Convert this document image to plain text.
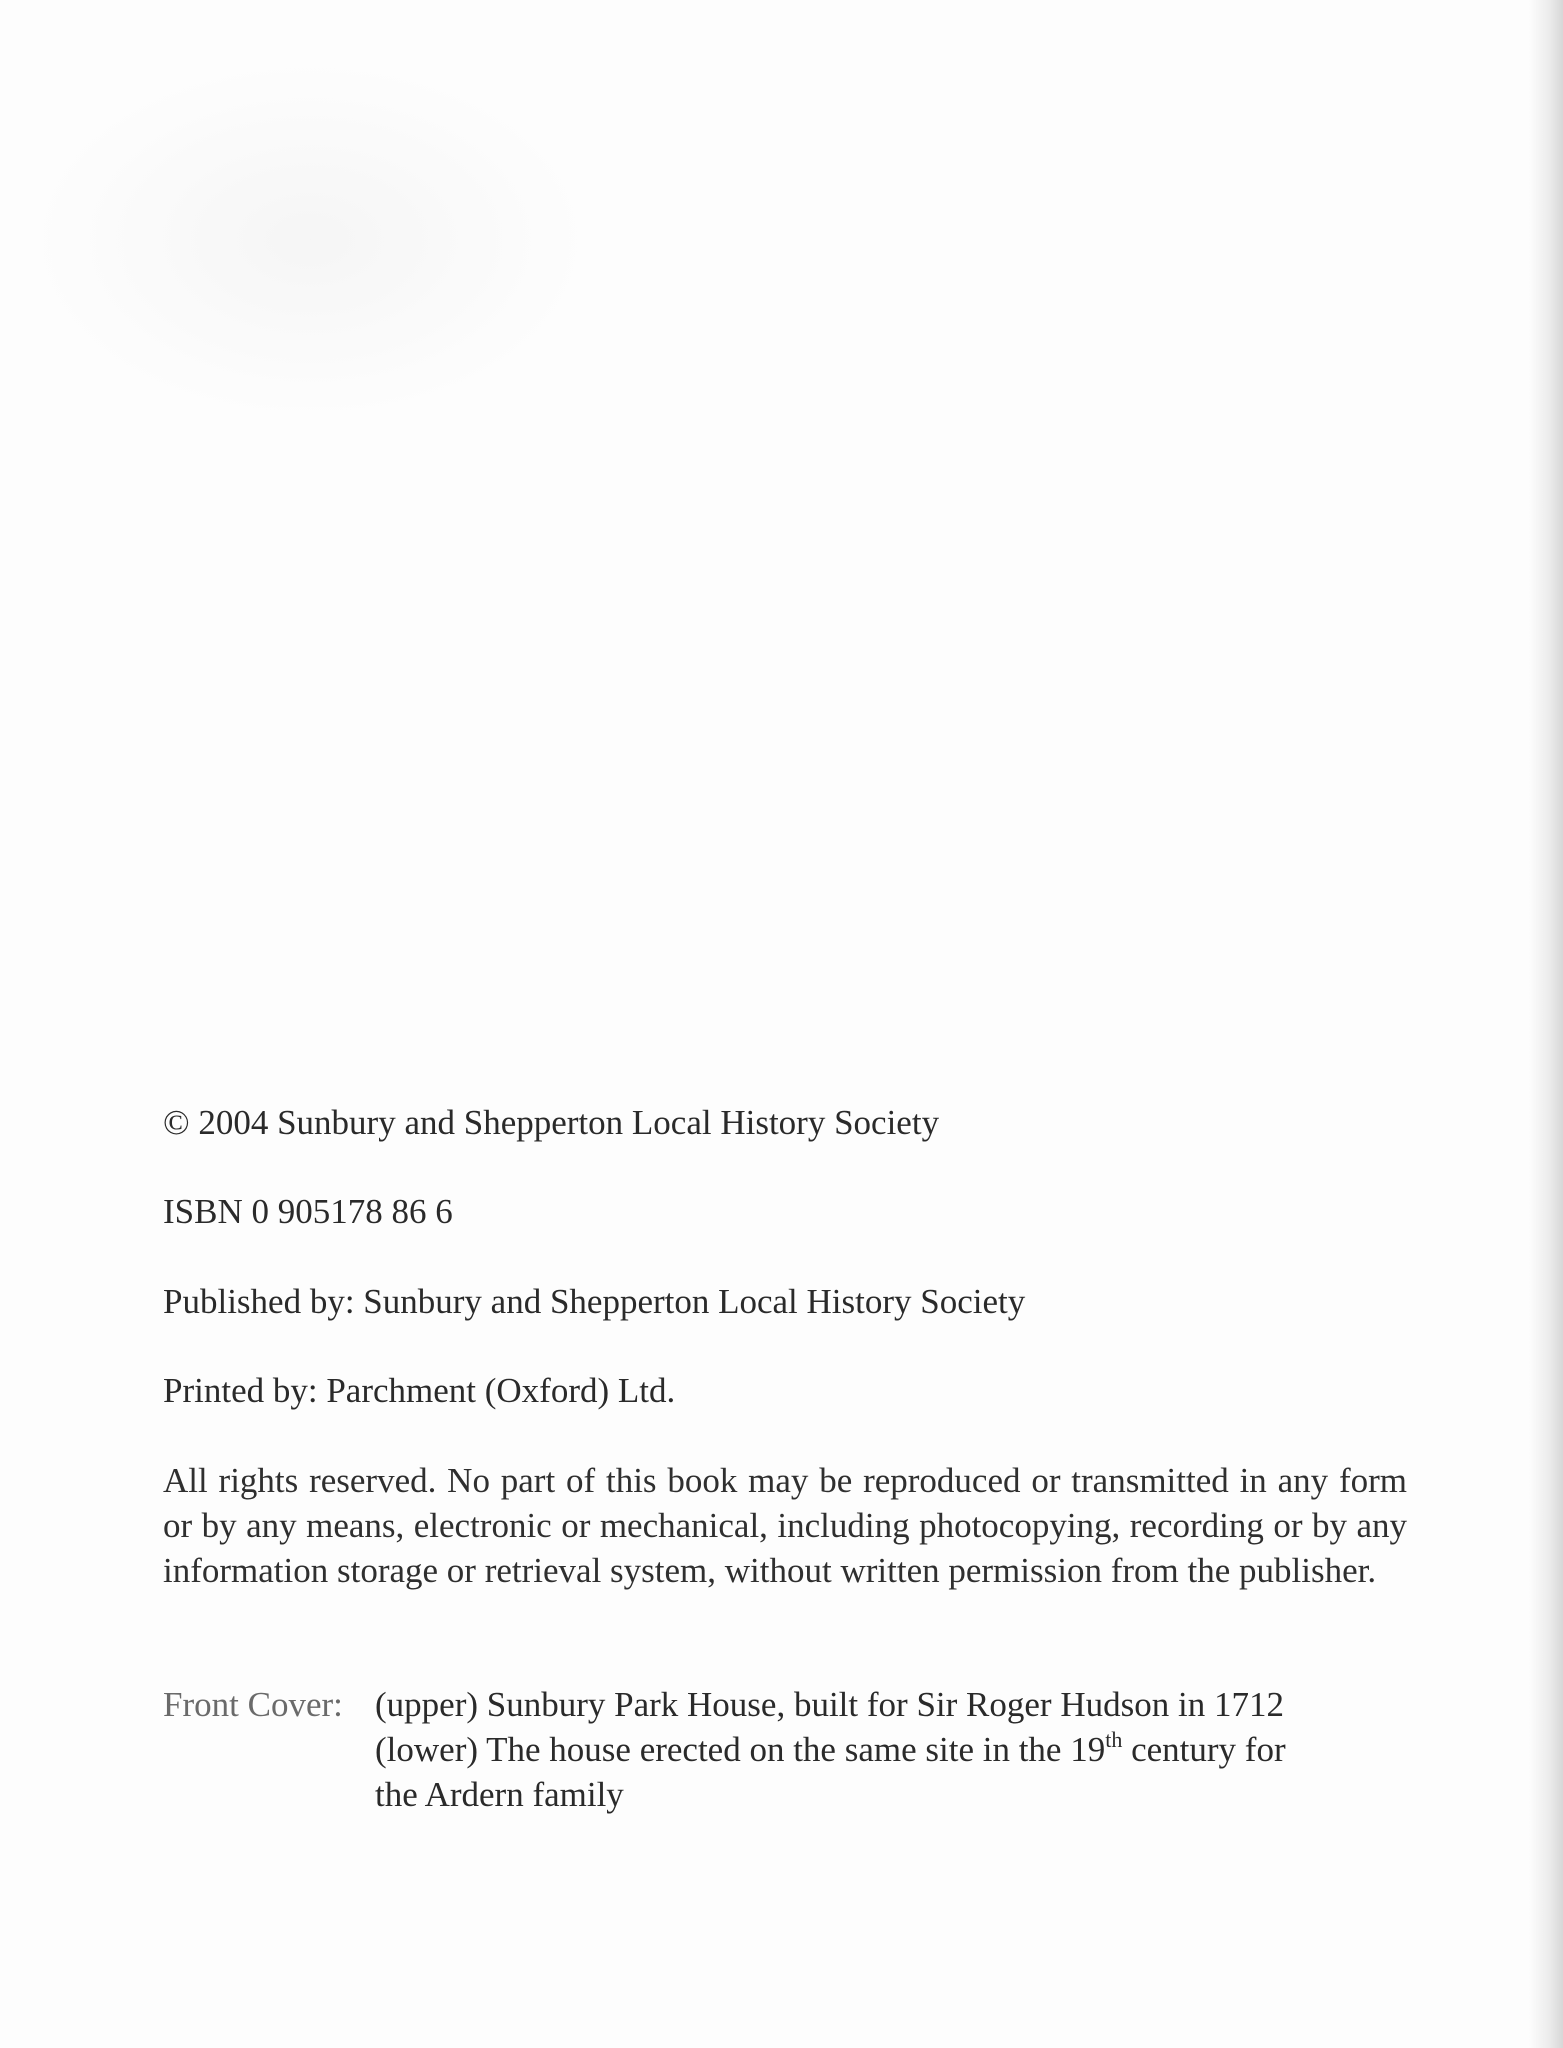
© 2004 Sunbury and Shepperton Local History Society

ISBN 0 905178 86 6

Published by: Sunbury and Shepperton Local History Society

Printed by: Parchment (Oxford) Ltd.

All rights reserved. No part of this book may be reproduced or transmitted in any form or by any means, electronic or mechanical, including photocopying, recording or by any information storage or retrieval system, without written permission from the publisher.

Front Cover: (upper) Sunbury Park House, built for Sir Roger Hudson in 1712
(lower) The house erected on the same site in the 19th century for
the Ardern family
